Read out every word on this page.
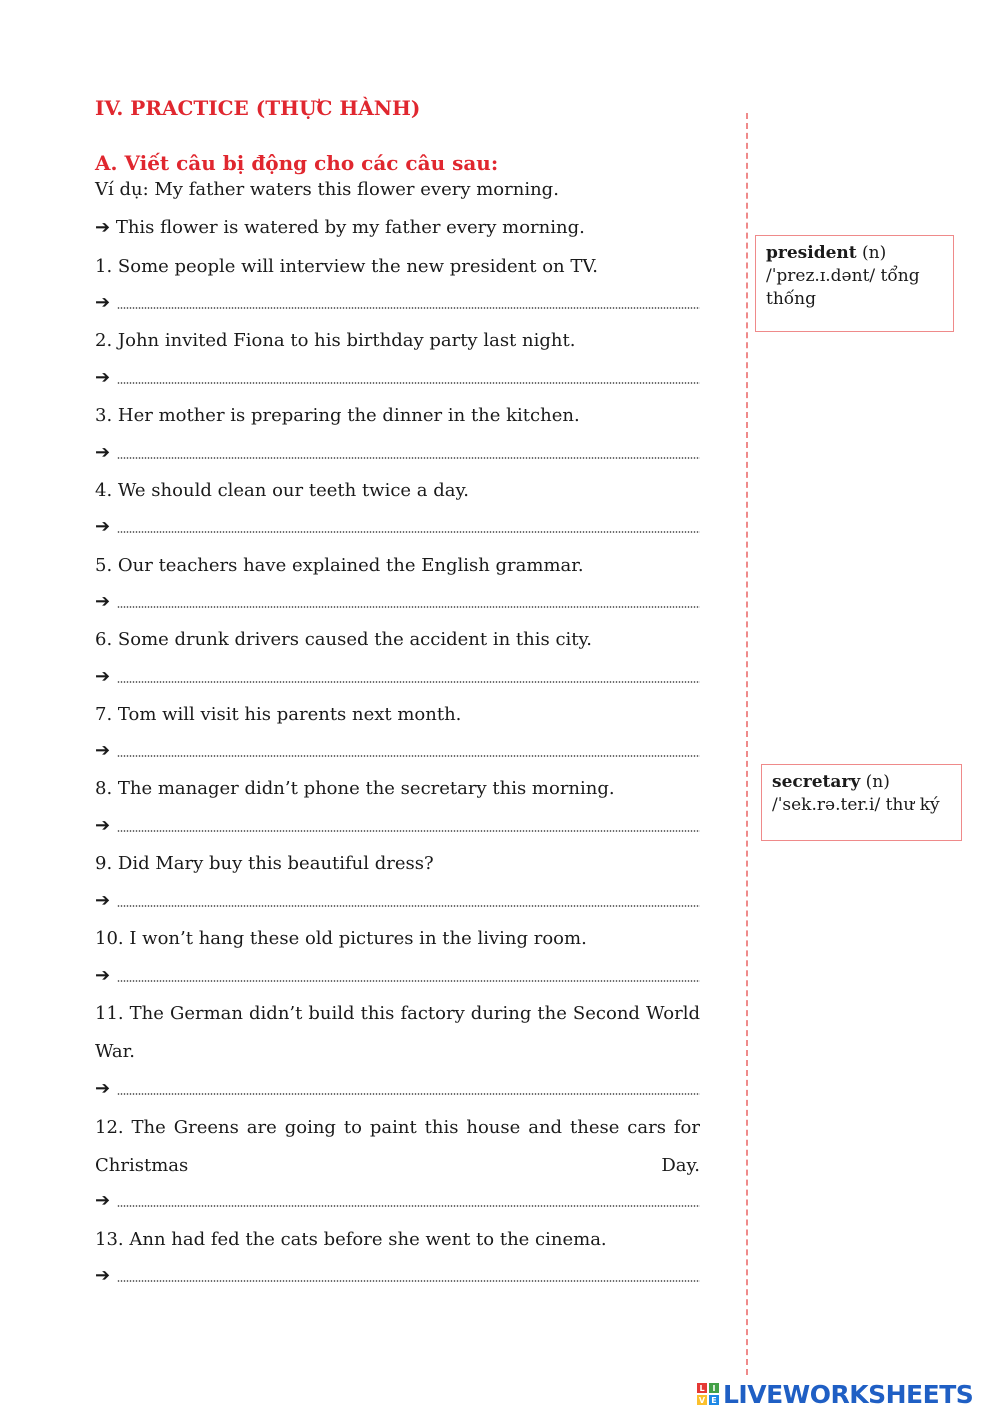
IV. PRACTICE (THỰC HÀNH)
A. Viết câu bị động cho các câu sau:
Ví dụ: My father waters this flower every morning.
➔ This flower is watered by my father every morning.
1. Some people will interview the new president on TV.
➔
2. John invited Fiona to his birthday party last night.
➔
3. Her mother is preparing the dinner in the kitchen.
➔
4. We should clean our teeth twice a day.
➔
5. Our teachers have explained the English grammar.
➔
6. Some drunk drivers caused the accident in this city.
➔
7. Tom will visit his parents next month.
➔
8. The manager didn’t phone the secretary this morning.
➔
9. Did Mary buy this beautiful dress?
➔
10. I won’t hang these old pictures in the living room.
➔
11. The German didn’t build this factory during the Second World War.
➔
12. The Greens are going to paint this house and these cars for Christmas Day.
➔
13. Ann had fed the cats before she went to the cinema.
➔
president (n)
/ˈprez.ɪ.dənt/ tổng thống
secretary (n)
/ˈsek.rə.ter.i/ thư ký
L I
V E LIVEWORKSHEETS
